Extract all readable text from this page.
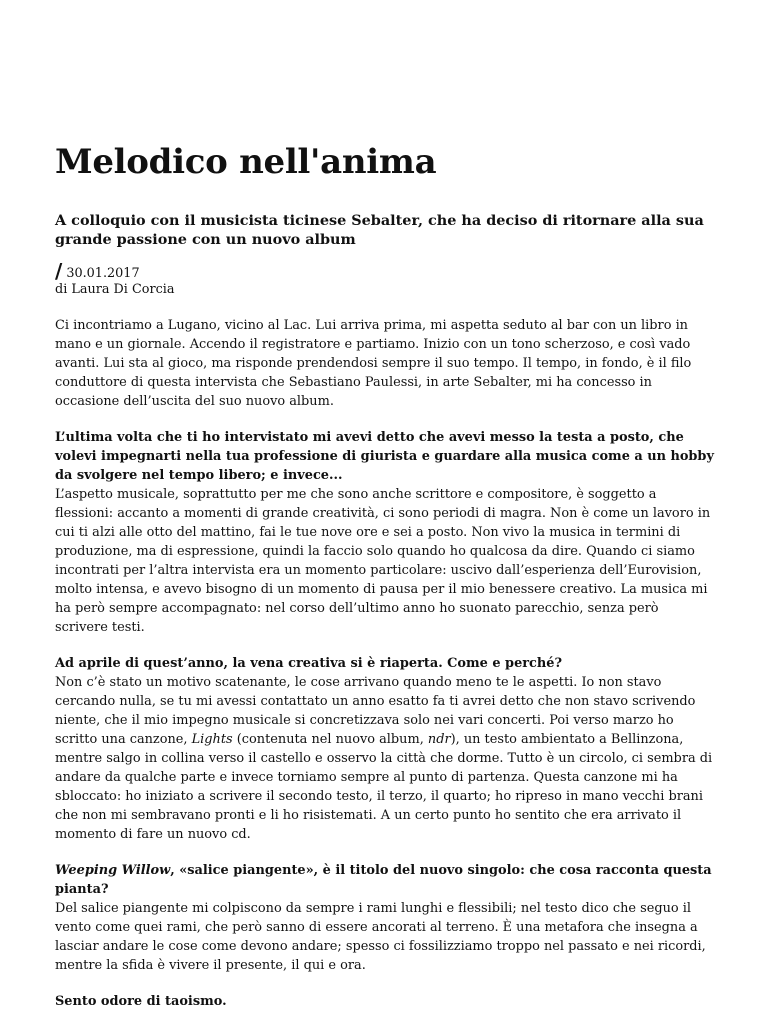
Melodico nell'anima
A colloquio con il musicista ticinese Sebalter, che ha deciso di ritornare alla sua grande passione con un nuovo album
/ 30.01.2017
di Laura Di Corcia

Ci incontriamo a Lugano, vicino al Lac. Lui arriva prima, mi aspetta seduto al bar con un libro in mano e un giornale. Accendo il registratore e partiamo. Inizio con un tono scherzoso, e così vado avanti. Lui sta al gioco, ma risponde prendendosi sempre il suo tempo. Il tempo, in fondo, è il filo conduttore di questa intervista che Sebastiano Paulessi, in arte Sebalter, mi ha concesso in occasione dell’uscita del suo nuovo album.

L’ultima volta che ti ho intervistato mi avevi detto che avevi messo la testa a posto, che volevi impegnarti nella tua professione di giurista e guardare alla musica come a un hobby da svolgere nel tempo libero; e invece...

L’aspetto musicale, soprattutto per me che sono anche scrittore e compositore, è soggetto a flessioni: accanto a momenti di grande creatività, ci sono periodi di magra. Non è come un lavoro in cui ti alzi alle otto del mattino, fai le tue nove ore e sei a posto. Non vivo la musica in termini di produzione, ma di espressione, quindi la faccio solo quando ho qualcosa da dire. Quando ci siamo incontrati per l’altra intervista era un momento particolare: uscivo dall’esperienza dell’Eurovision, molto intensa, e avevo bisogno di un momento di pausa per il mio benessere creativo. La musica mi ha però sempre accompagnato: nel corso dell’ultimo anno ho suonato parecchio, senza però scrivere testi.

Ad aprile di quest’anno, la vena creativa si è riaperta. Come e perché?

Non c’è stato un motivo scatenante, le cose arrivano quando meno te le aspetti. Io non stavo cercando nulla, se tu mi avessi contattato un anno esatto fa ti avrei detto che non stavo scrivendo niente, che il mio impegno musicale si concretizzava solo nei vari concerti. Poi verso marzo ho scritto una canzone, Lights (contenuta nel nuovo album, ndr), un testo ambientato a Bellinzona, mentre salgo in collina verso il castello e osservo la città che dorme. Tutto è un circolo, ci sembra di andare da qualche parte e invece torniamo sempre al punto di partenza. Questa canzone mi ha sbloccato: ho iniziato a scrivere il secondo testo, il terzo, il quarto; ho ripreso in mano vecchi brani che non mi sembravano pronti e li ho risistemati. A un certo punto ho sentito che era arrivato il momento di fare un nuovo cd.

Weeping Willow, «salice piangente», è il titolo del nuovo singolo: che cosa racconta questa pianta?

Del salice piangente mi colpiscono da sempre i rami lunghi e flessibili; nel testo dico che seguo il vento come quei rami, che però sanno di essere ancorati al terreno. È una metafora che insegna a lasciar andare le cose come devono andare; spesso ci fossilizziamo troppo nel passato e nei ricordi, mentre la sfida è vivere il presente, il qui e ora.

Sento odore di taoismo.
